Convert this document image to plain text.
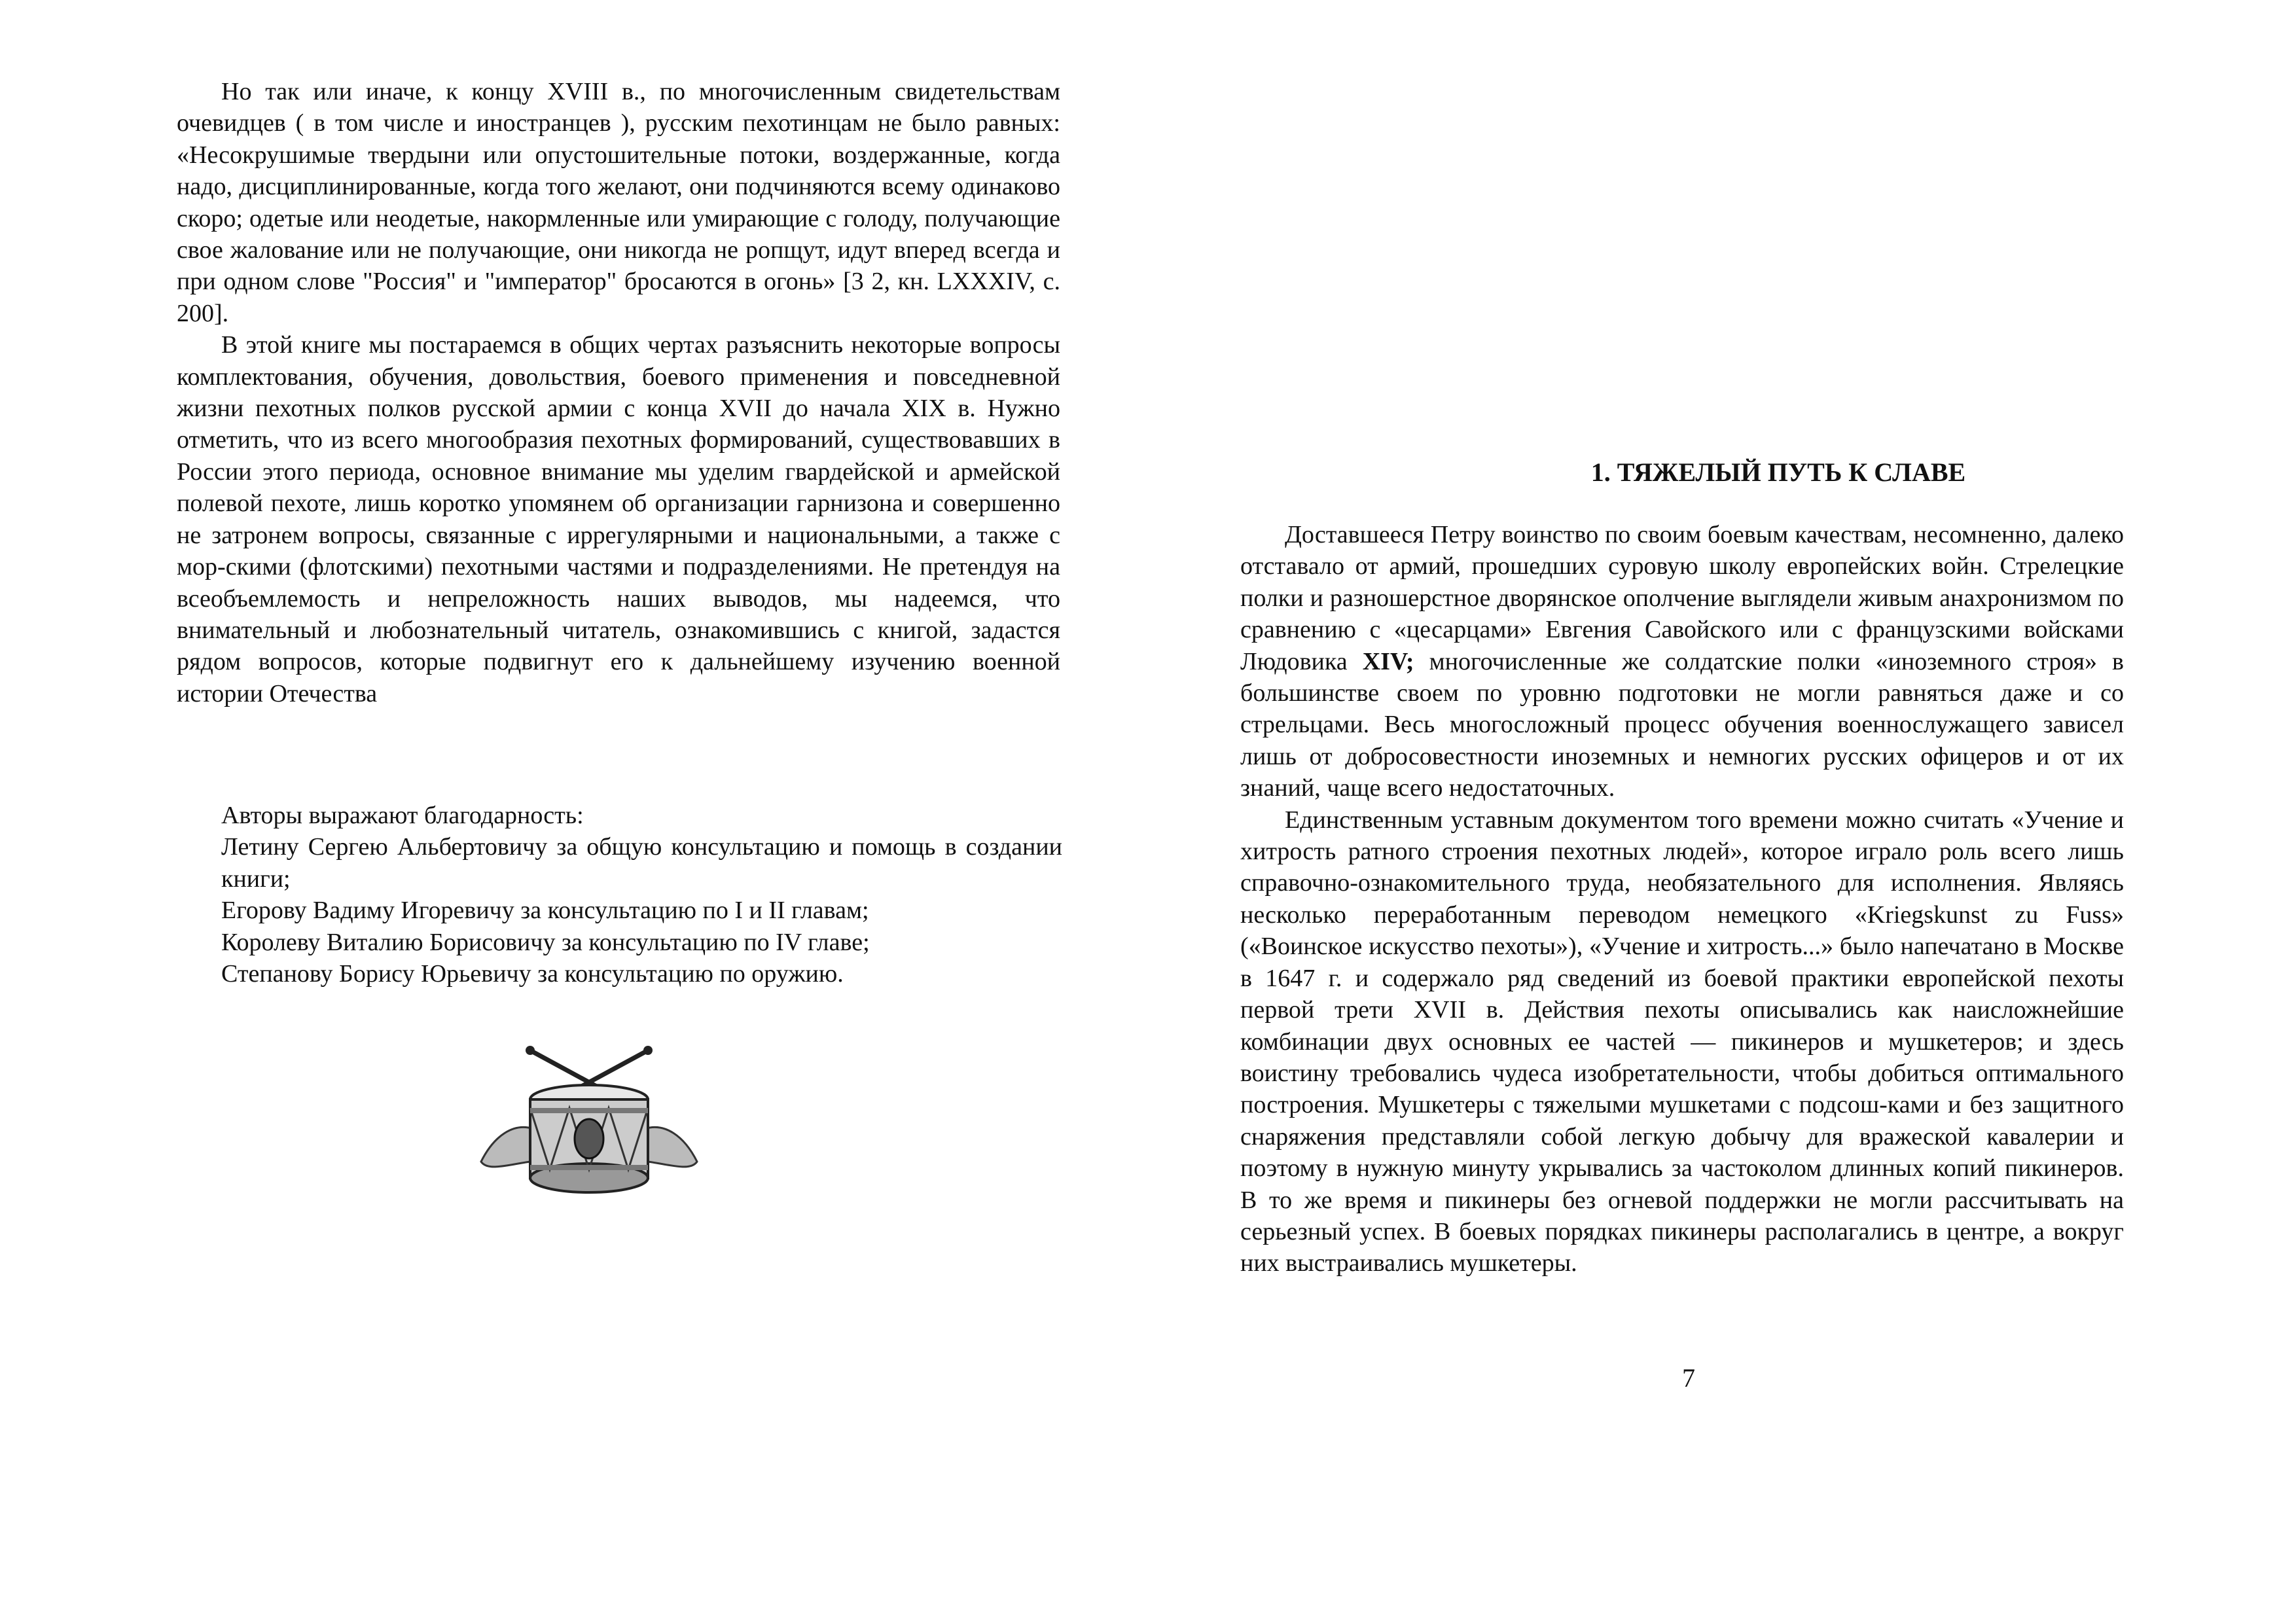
Но так или иначе, к концу XVIII в., по многочисленным свидетельствам очевидцев ( в том числе и иностранцев ), русским пехотинцам не было равных: «Несокрушимые твердыни или опустошительные потоки, воздержанные, когда надо, дисциплинированные, когда того желают, они подчиняются всему одинаково скоро; одетые или неодетые, накормленные или умирающие с голоду, получающие свое жалование или не получающие, они никогда не ропщут, идут вперед всегда и при одном слове "Россия" и "император" бросаются в огонь» [3 2, кн. LXXXIV, с. 200].

В этой книге мы постараемся в общих чертах разъяснить некоторые вопросы комплектования, обучения, довольствия, боевого применения и повседневной жизни пехотных полков русской армии с конца XVII до начала XIX в. Нужно отметить, что из всего многообразия пехотных формирований, существовавших в России этого периода, основное внимание мы уделим гвардейской и армейской полевой пехоте, лишь коротко упомянем об организации гарнизона и совершенно не затронем вопросы, связанные с иррегулярными и национальными, а также с мор-скими (флотскими) пехотными частями и подразделениями. Не претендуя на всеобъемлемость и непреложность наших выводов, мы надеемся, что внимательный и любознательный читатель, ознакомившись с книгой, задастся рядом вопросов, которые подвигнут его к дальнейшему изучению военной истории Отечества

Авторы выражают благодарность:

Летину Сергею Альбертовичу за общую консультацию и помощь в создании книги;

Егорову Вадиму Игоревичу за консультацию по I и II главам;

Королеву Виталию Борисовичу за консультацию по IV главе;

Степанову Борису Юрьевичу за консультацию по оружию.

1. ТЯЖЕЛЫЙ ПУТЬ К СЛАВЕ

Доставшееся Петру воинство по своим боевым качествам, несомненно, далеко отставало от армий, прошедших суровую школу европейских войн. Стрелецкие полки и разношерстное дворянское ополчение выглядели живым анахронизмом по сравнению с «цесарцами» Евгения Савойского или с французскими войсками Людовика XIV; многочисленные же солдатские полки «иноземного строя» в большинстве своем по уровню подготовки не могли равняться даже и со стрельцами. Весь многосложный процесс обучения военнослужащего зависел лишь от добросовестности иноземных и немногих русских офицеров и от их знаний, чаще всего недостаточных.

Единственным уставным документом того времени можно считать «Учение и хитрость ратного строения пехотных людей», которое играло роль всего лишь справочно-ознакомительного труда, необязательного для исполнения. Являясь несколько переработанным переводом немецкого «Kriegskunst zu Fuss» («Воинское искусство пехоты»), «Учение и хитрость...» было напечатано в Москве в 1647 г. и содержало ряд сведений из боевой практики европейской пехоты первой трети XVII в. Действия пехоты описывались как наисложнейшие комбинации двух основных ее частей — пикинеров и мушкетеров; и здесь воистину требовались чудеса изобретательности, чтобы добиться оптимального построения. Мушкетеры с тяжелыми мушкетами с подсош-ками и без защитного снаряжения представляли собой легкую добычу для вражеской кавалерии и поэтому в нужную минуту укрывались за частоколом длинных копий пикинеров. В то же время и пикинеры без огневой поддержки не могли рассчитывать на серьезный успех. В боевых порядках пикинеры располагались в центре, а вокруг них выстраивались мушкетеры.

7
